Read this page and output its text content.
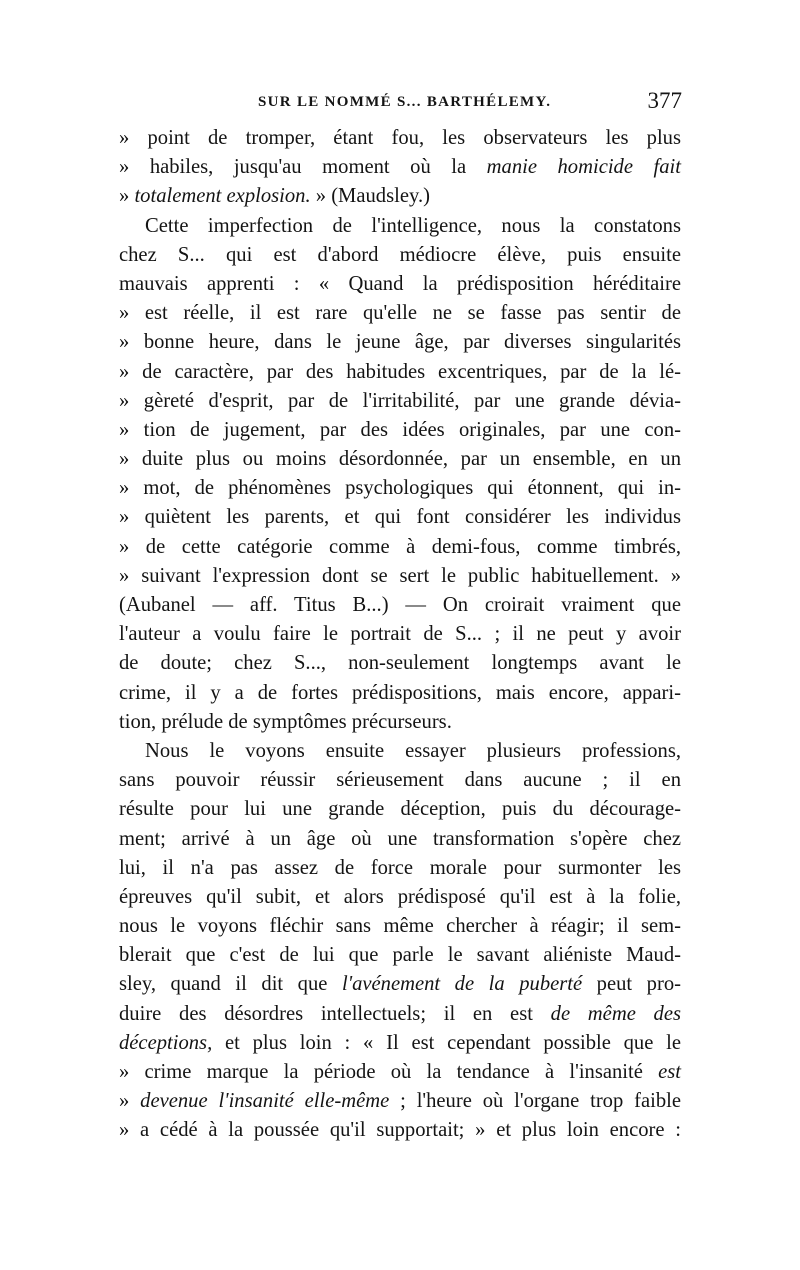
SUR LE NOMMÉ S... BARTHÉLEMY.	377
» point de tromper, étant fou, les observateurs les plus
» habiles, jusqu'au moment où la manie homicide fait
» totalement explosion. » (Maudsley.)
Cette imperfection de l'intelligence, nous la constatons
chez S... qui est d'abord médiocre élève, puis ensuite
mauvais apprenti : « Quand la prédisposition héréditaire
» est réelle, il est rare qu'elle ne se fasse pas sentir de
» bonne heure, dans le jeune âge, par diverses singularités
» de caractère, par des habitudes excentriques, par de la lé-
» gèreté d'esprit, par de l'irritabilité, par une grande dévia-
» tion de jugement, par des idées originales, par une con-
» duite plus ou moins désordonnée, par un ensemble, en un
» mot, de phénomènes psychologiques qui étonnent, qui in-
» quiètent les parents, et qui font considérer les individus
» de cette catégorie comme à demi-fous, comme timbrés,
» suivant l'expression dont se sert le public habituellement. »
(Aubanel — aff. Titus B...) — On croirait vraiment que
l'auteur a voulu faire le portrait de S... ; il ne peut y avoir
de doute; chez S..., non-seulement longtemps avant le
crime, il y a de fortes prédispositions, mais encore, appari-
tion, prélude de symptômes précurseurs.
Nous le voyons ensuite essayer plusieurs professions,
sans pouvoir réussir sérieusement dans aucune ; il en
résulte pour lui une grande déception, puis du décourage-
ment; arrivé à un âge où une transformation s'opère chez
lui, il n'a pas assez de force morale pour surmonter les
épreuves qu'il subit, et alors prédisposé qu'il est à la folie,
nous le voyons fléchir sans même chercher à réagir; il sem-
blerait que c'est de lui que parle le savant aliéniste Maud-
sley, quand il dit que l'avénement de la puberté peut pro-
duire des désordres intellectuels; il en est de même des
déceptions, et plus loin : « Il est cependant possible que le
» crime marque la période où la tendance à l'insanité est
» devenue l'insanité elle-même ; l'heure où l'organe trop faible
» a cédé à la poussée qu'il supportait; » et plus loin encore :
